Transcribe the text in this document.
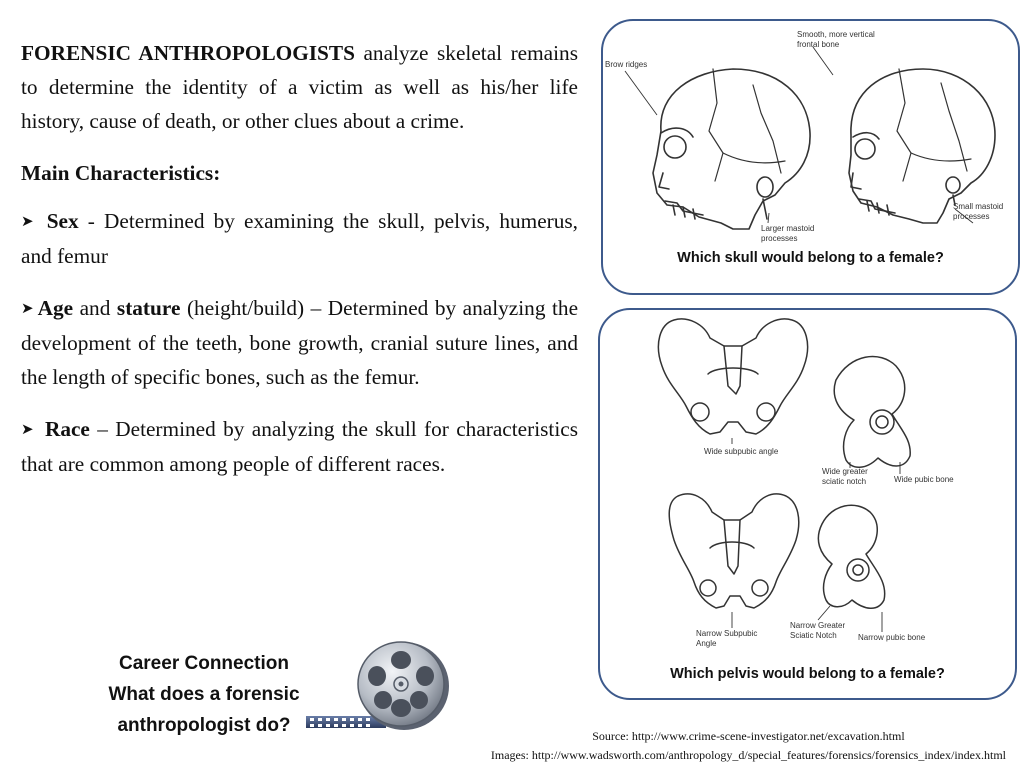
FORENSIC ANTHROPOLOGISTS analyze skeletal remains to determine the identity of a victim as well as his/her life history, cause of death, or other clues about a crime.

Main Characteristics:

➤ Sex - Determined by examining the skull, pelvis, humerus, and femur

➤ Age and stature (height/build) – Determined by analyzing the development of the teeth, bone growth, cranial suture lines, and the length of specific bones, such as the femur.

➤ Race – Determined by analyzing the skull for characteristics that are common among people of different races.

Brow ridges
Smooth, more vertical
frontal bone
Larger mastoid
processes
Small mastoid
processes
Which skull would belong to a female?
Wide subpubic angle
Wide greater
sciatic notch	Wide pubic bone
Narrow Subpubic
Angle
Narrow Greater
Sciatic Notch	Narrow pubic bone
Which pelvis would belong to a female?
Career Connection
What does a forensic
anthropologist do?	Source: http://www.crime-scene-investigator.net/excavation.html
Images: http://www.wadsworth.com/anthropology_d/special_features/forensics/forensics_index/index.html
